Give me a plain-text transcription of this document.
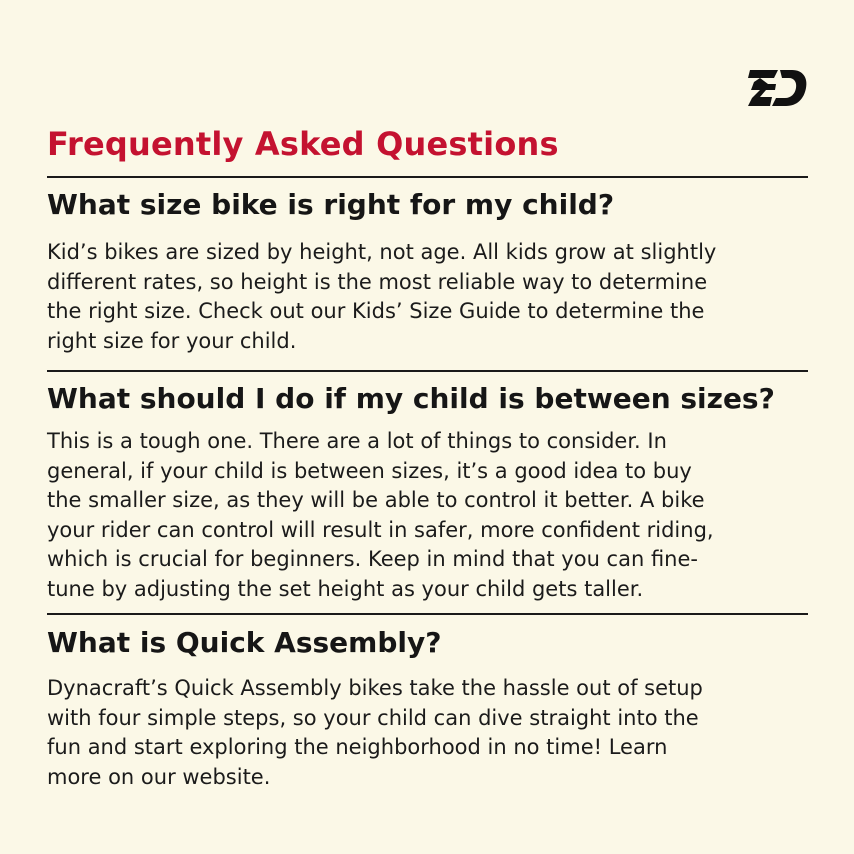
Frequently Asked Questions
What size bike is right for my child?
Kid’s bikes are sized by height, not age. All kids grow at slightly
different rates, so height is the most reliable way to determine
the right size. Check out our Kids’ Size Guide to determine the
right size for your child.
What should I do if my child is between sizes?
This is a tough one. There are a lot of things to consider. In
general, if your child is between sizes, it’s a good idea to buy
the smaller size, as they will be able to control it better. A bike
your rider can control will result in safer, more confident riding,
which is crucial for beginners. Keep in mind that you can fine-
tune by adjusting the set height as your child gets taller.
What is Quick Assembly?
Dynacraft’s Quick Assembly bikes take the hassle out of setup
with four simple steps, so your child can dive straight into the
fun and start exploring the neighborhood in no time! Learn
more on our website.
